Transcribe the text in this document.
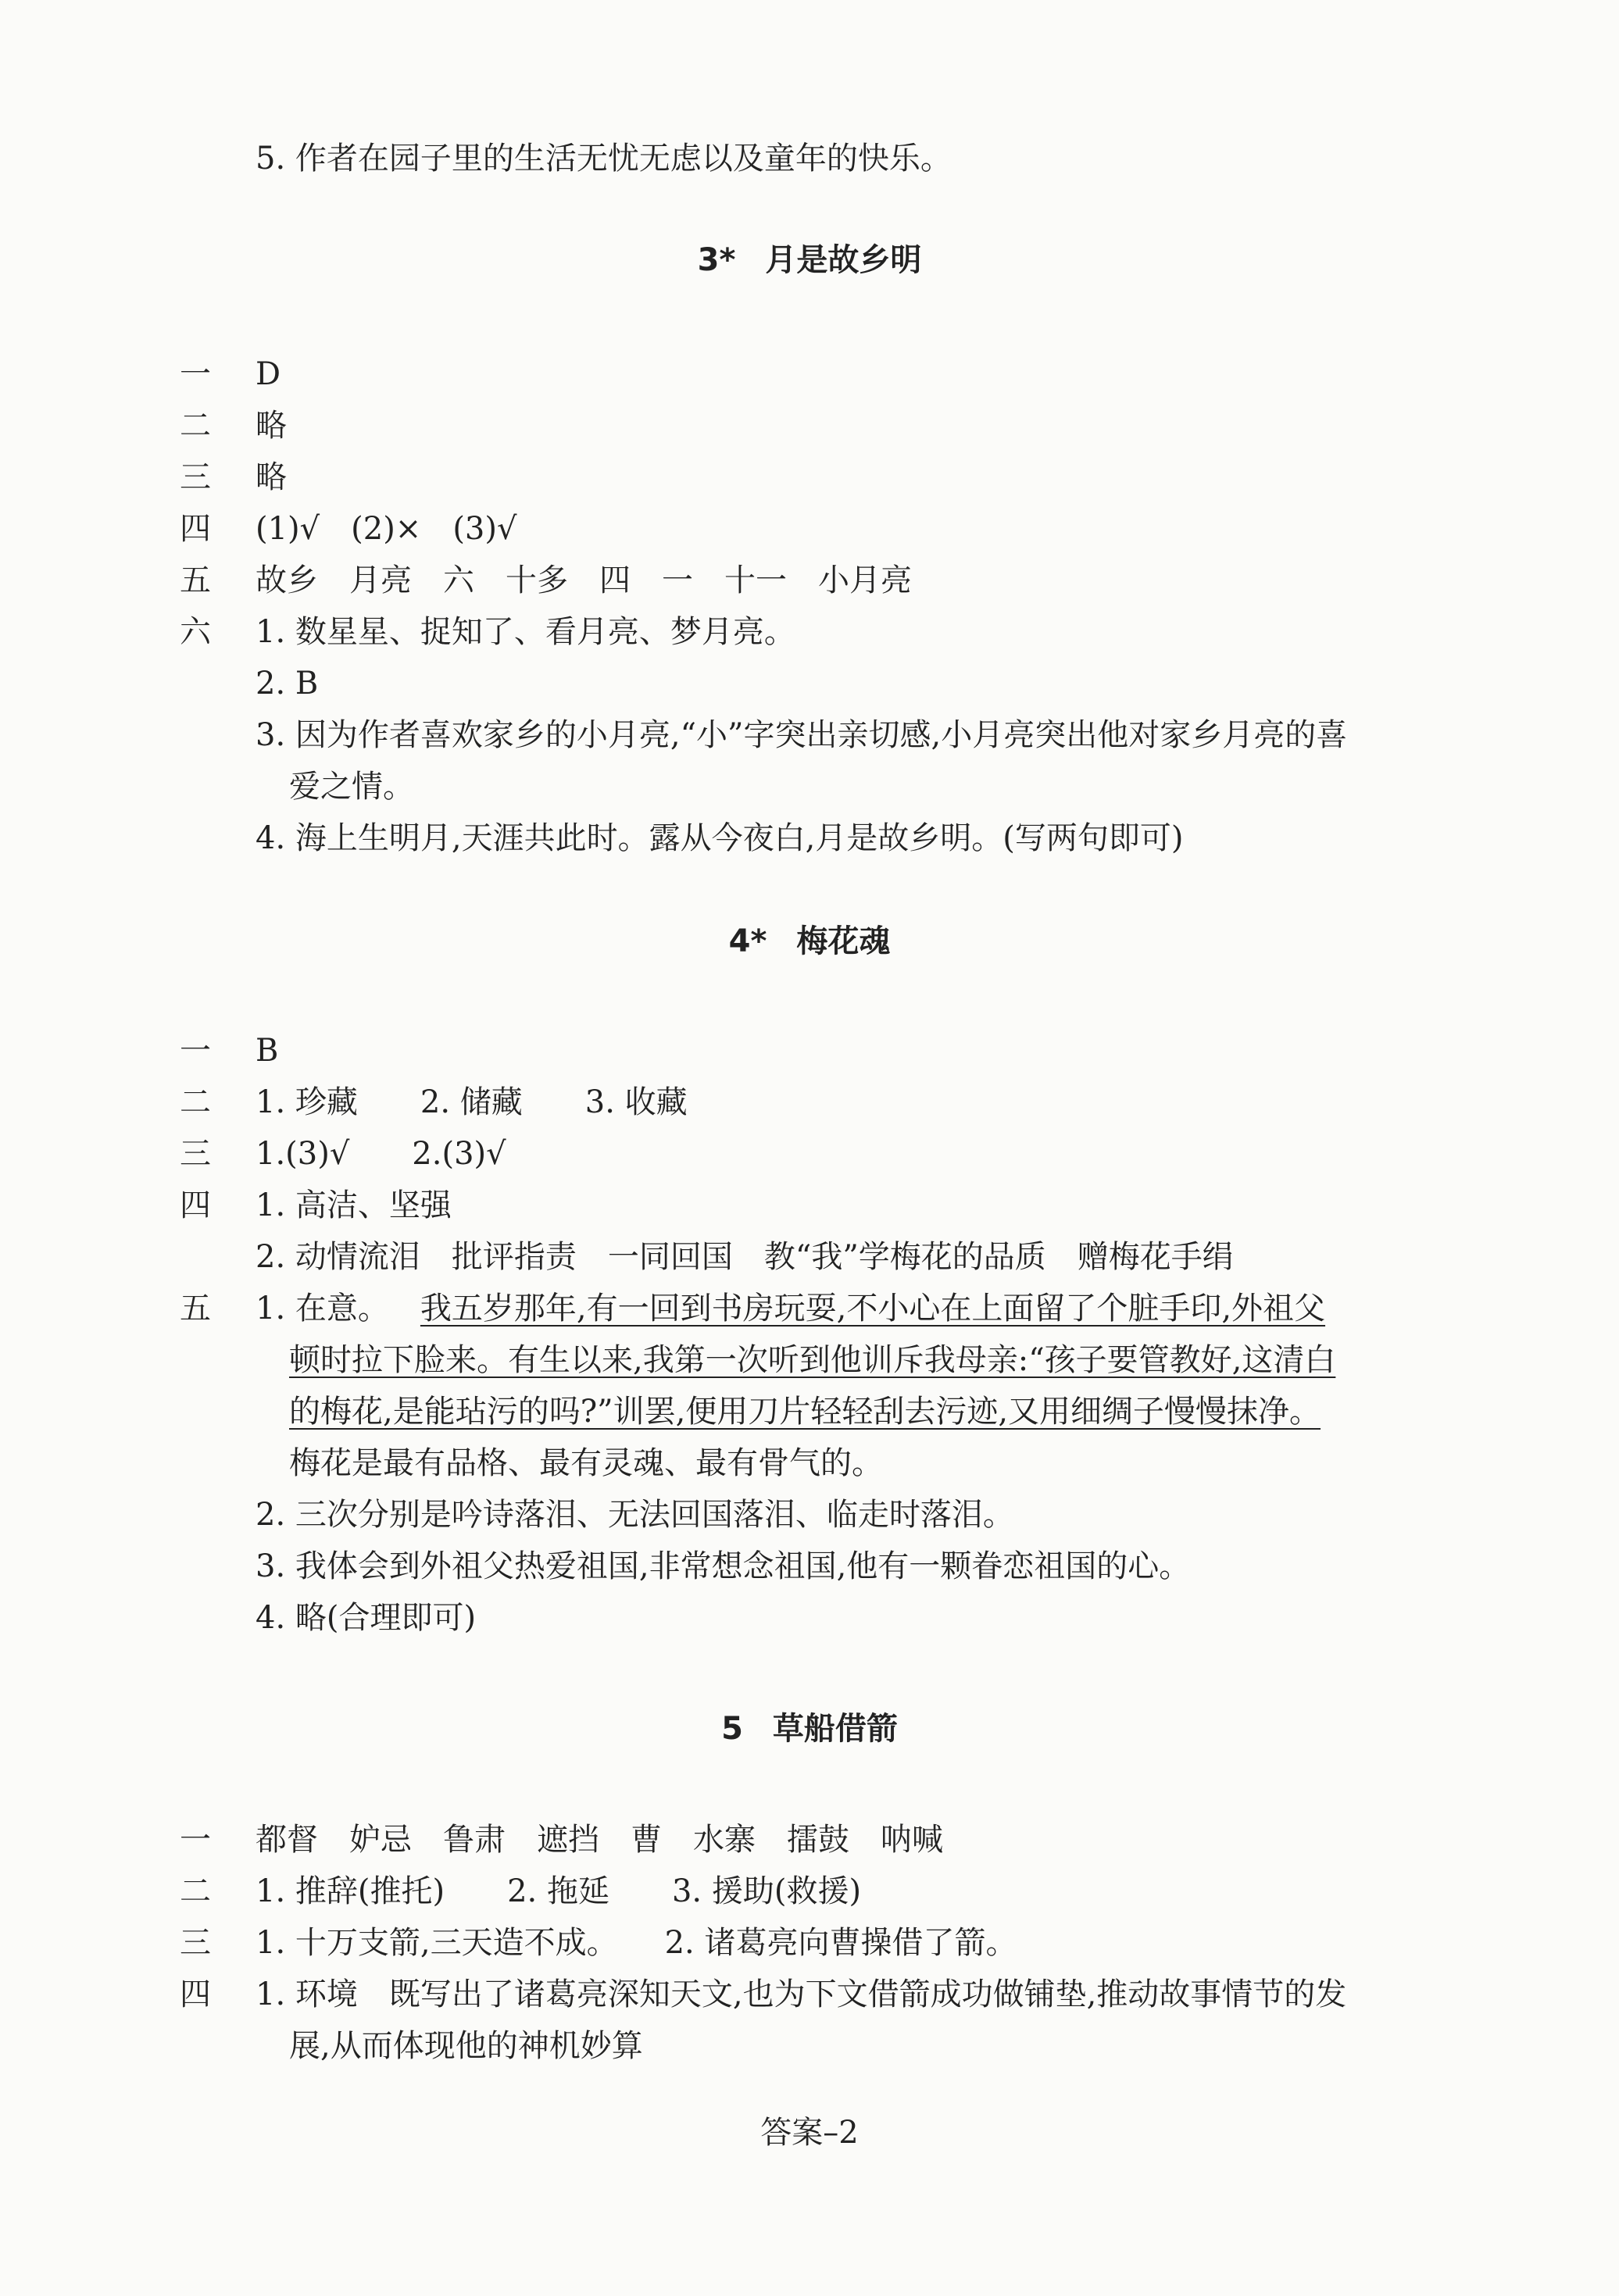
5. 作者在园子里的生活无忧无虑以及童年的快乐。
3* 月是故乡明
一	D
二	略
三	略
四	(1)√　(2)×　(3)√
五	故乡　月亮　六　十多　四　一　十一　小月亮
六	1. 数星星、捉知了、看月亮、梦月亮。
2. B
3. 因为作者喜欢家乡的小月亮,“小”字突出亲切感,小月亮突出他对家乡月亮的喜
爱之情。
4. 海上生明月,天涯共此时。露从今夜白,月是故乡明。(写两句即可)
4* 梅花魂
一	B
二	1. 珍藏　　2. 储藏　　3. 收藏
三	1.(3)√　　2.(3)√
四	1. 高洁、坚强
2. 动情流泪　批评指责　一同回国　教“我”学梅花的品质　赠梅花手绢
五	1. 在意。 我五岁那年,有一回到书房玩耍,不小心在上面留了个脏手印,外祖父
顿时拉下脸来。有生以来,我第一次听到他训斥我母亲:“孩子要管教好,这清白
的梅花,是能玷污的吗?”训罢,便用刀片轻轻刮去污迹,又用细绸子慢慢抹净。
梅花是最有品格、最有灵魂、最有骨气的。
2. 三次分别是吟诗落泪、无法回国落泪、临走时落泪。
3. 我体会到外祖父热爱祖国,非常想念祖国,他有一颗眷恋祖国的心。
4. 略(合理即可)
5 草船借箭
一	都督　妒忌　鲁肃　遮挡　曹　水寨　擂鼓　呐喊
二	1. 推辞(推托)　　2. 拖延　　3. 援助(救援)
三	1. 十万支箭,三天造不成。　　2. 诸葛亮向曹操借了箭。
四	1. 环境　既写出了诸葛亮深知天文,也为下文借箭成功做铺垫,推动故事情节的发
展,从而体现他的神机妙算
答案–2
